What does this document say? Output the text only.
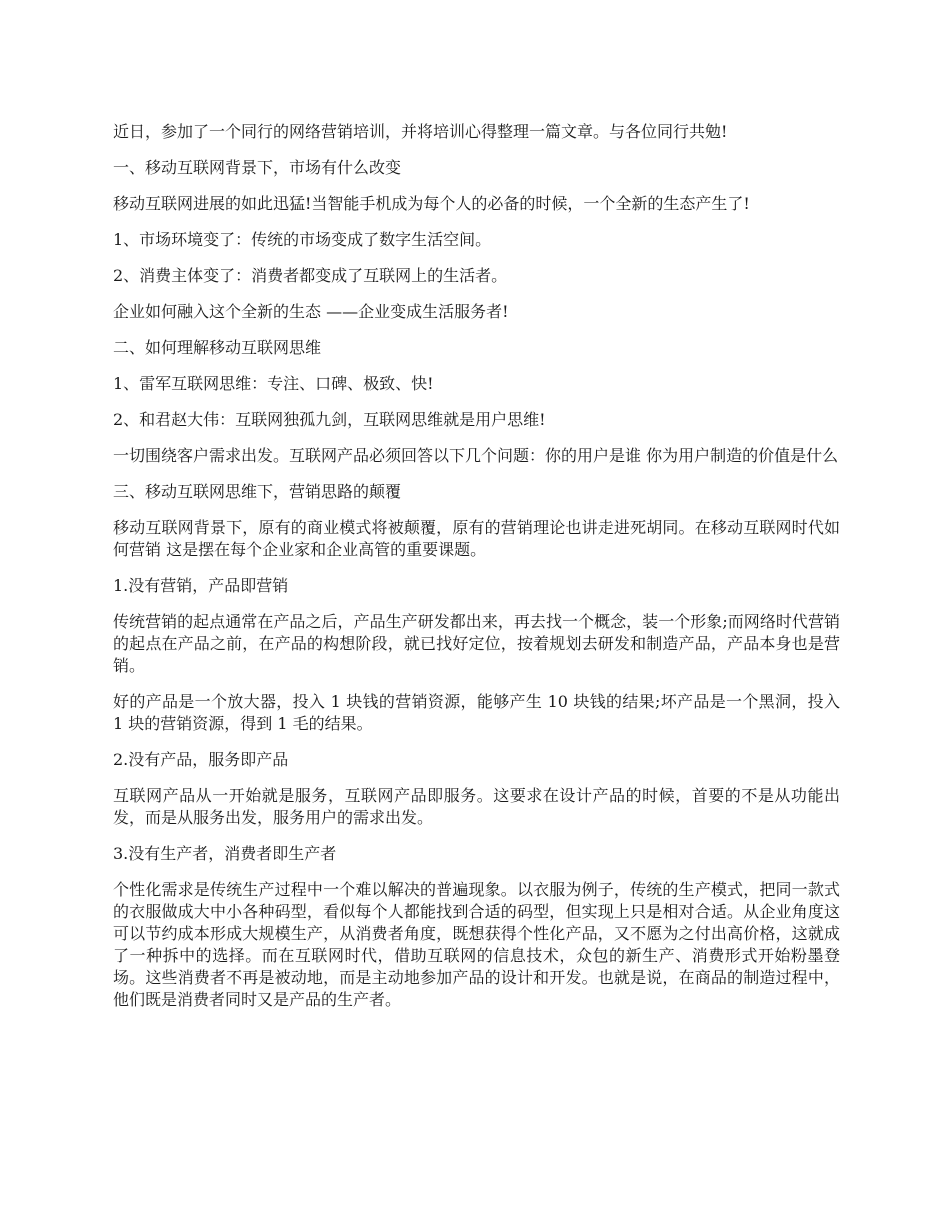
近日，参加了一个同行的网络营销培训，并将培训心得整理一篇文章。与各位同行共勉!

一、移动互联网背景下，市场有什么改变

移动互联网进展的如此迅猛!当智能手机成为每个人的必备的时候，一个全新的生态产生了!

1、市场环境变了：传统的市场变成了数字生活空间。

2、消费主体变了：消费者都变成了互联网上的生活者。

企业如何融入这个全新的生态 ——企业变成生活服务者!

二、如何理解移动互联网思维

1、雷军互联网思维：专注、口碑、极致、快!

2、和君赵大伟：互联网独孤九剑，互联网思维就是用户思维!

一切围绕客户需求出发。互联网产品必须回答以下几个问题：你的用户是谁 你为用户制造的价值是什么

三、移动互联网思维下，营销思路的颠覆

移动互联网背景下，原有的商业模式将被颠覆，原有的营销理论也讲走进死胡同。在移动互联网时代如何营销 这是摆在每个企业家和企业高管的重要课题。

1.没有营销，产品即营销

传统营销的起点通常在产品之后，产品生产研发都出来，再去找一个概念，装一个形象;而网络时代营销的起点在产品之前，在产品的构想阶段，就已找好定位，按着规划去研发和制造产品，产品本身也是营销。

好的产品是一个放大器，投入 1 块钱的营销资源，能够产生 10 块钱的结果;坏产品是一个黑洞，投入 1 块的营销资源，得到 1 毛的结果。

2.没有产品，服务即产品

互联网产品从一开始就是服务，互联网产品即服务。这要求在设计产品的时候，首要的不是从功能出发，而是从服务出发，服务用户的需求出发。

3.没有生产者，消费者即生产者

个性化需求是传统生产过程中一个难以解决的普遍现象。以衣服为例子，传统的生产模式，把同一款式的衣服做成大中小各种码型，看似每个人都能找到合适的码型，但实现上只是相对合适。从企业角度这可以节约成本形成大规模生产，从消费者角度，既想获得个性化产品，又不愿为之付出高价格，这就成了一种拆中的选择。而在互联网时代，借助互联网的信息技术，众包的新生产、消费形式开始粉墨登场。这些消费者不再是被动地，而是主动地参加产品的设计和开发。也就是说，在商品的制造过程中，他们既是消费者同时又是产品的生产者。
